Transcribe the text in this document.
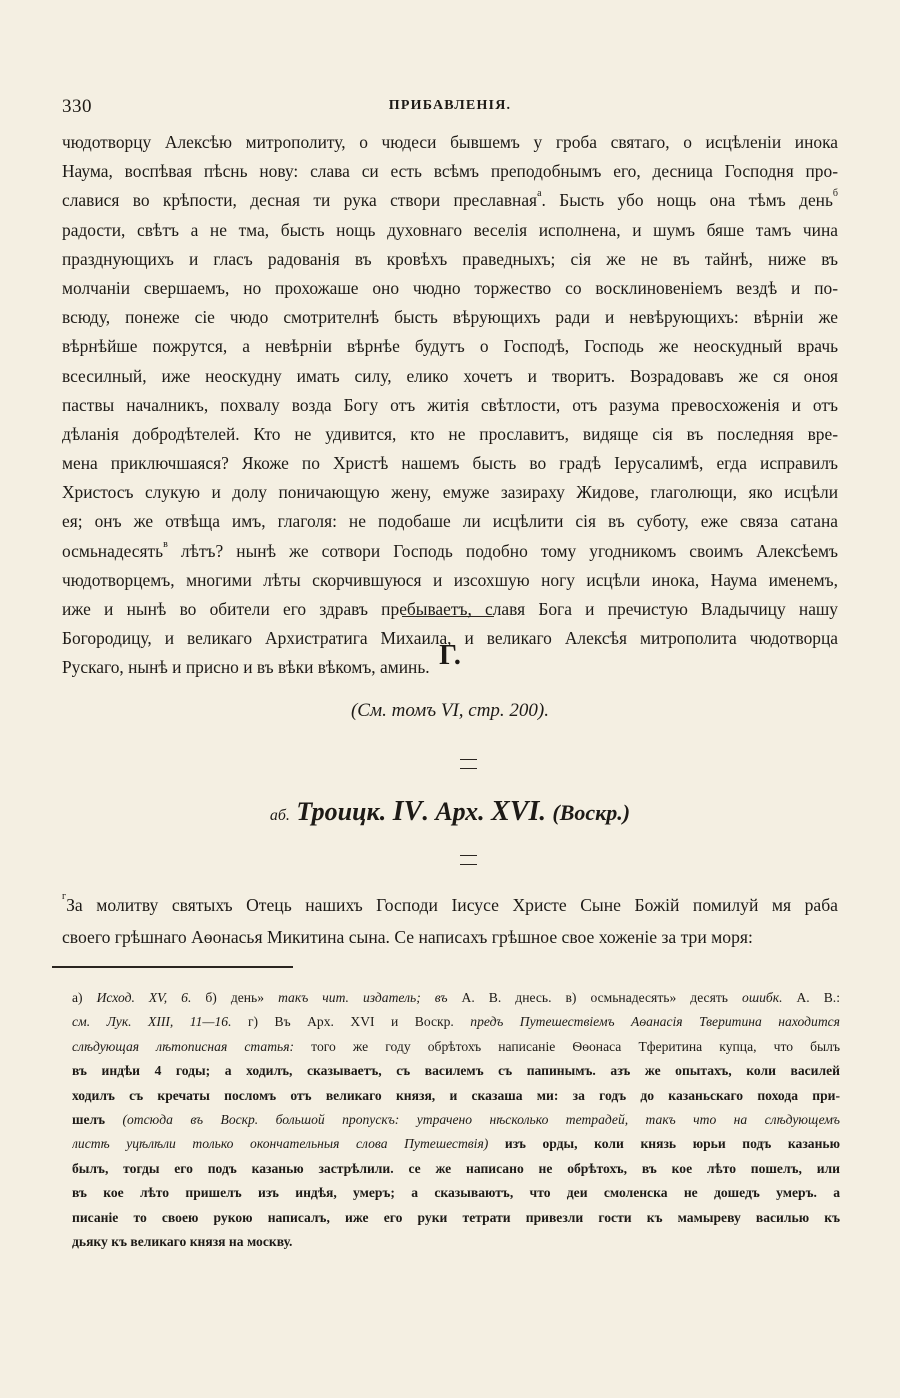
330	ПРИБАВЛЕНІЯ.
чюдотворцу Алексѣю митрополиту, о чюдеси бывшемъ у гроба святаго, о исцѣленіи инока
Наума, воспѣвая пѣснь нову: слава си есть всѣмъ преподобнымъ его, десница Господня про-
славися во крѣпости, десная ти рука створи преславная$^а$. Бысть убо нощь она тѣмъ день$^б$
радости, свѣтъ а не тма, бысть нощь духовнаго веселія исполнена, и шумъ бяше тамъ чина
празднующихъ и гласъ радованія въ кровѣхъ праведныхъ; сія же не въ тайнѣ, ниже въ
молчаніи свершаемъ, но прохожаше оно чюдно торжество со восклиновеніемъ вездѣ и по-
всюду, понеже сіе чюдо смотрителнѣ бысть вѣрующихъ ради и невѣрующихъ: вѣрніи же
вѣрнѣйше пожрутся, а невѣрніи вѣрнѣе будутъ о Господѣ, Господь же неоскудный врачь
всесилный, иже неоскудну имать силу, елико хочетъ и творитъ. Возрадовавъ же ся оноя
паствы началникъ, похвалу возда Богу отъ житія свѣтлости, отъ разума превосхоженія и отъ
дѣланія добродѣтелей. Кто не удивится, кто не прославитъ, видяще сія въ последняя вре-
мена приключшаяся? Якоже по Христѣ нашемъ бысть во градѣ Іерусалимѣ, егда исправилъ
Христосъ слукую и долу поничающую жену, емуже зазираху Жидове, глаголющи, яко исцѣли
ея; онъ же отвѣща имъ, глаголя: не подобаше ли исцѣлити сія въ суботу, еже связа сатана
осмьнадесять$^в$ лѣтъ? нынѣ же сотвори Господь подобно тому угодникомъ своимъ Алексѣемъ
чюдотворцемъ, многими лѣты скорчившуюся и изсохшую ногу исцѣли инока, Наума именемъ,
иже и нынѣ во обители его здравъ пребываетъ, славя Бога и пречистую Владычицу нашу
Богородицу, и великаго Архистратига Михаила, и великаго Алексѣя митрополита чюдотворца
Рускаго, нынѣ и присно и въ вѣки вѣкомъ, аминь. Г.
(См. томъ VI, стр. 200).
аб. Троицк. IV. Арх. XVI. (Воскр.)
$^г$За молитву святыхъ Отець нашихъ Господи Іисусе Христе Сыне Божій помилуй мя раба
своего грѣшнаго Аѳонасья Микитина сына. Се написахъ грѣшное свое хоженіе за три моря:
а) Исход. XV, 6. б) день» такъ чит. издатель; въ А. В. днесь. в) осмьнадесять» десять ошибк. А. В.:
см. Лук. XIII, 11—16. г) Въ Арх. XVI и Воскр. предъ Путешествіемъ Аѳанасія Тверитина находится
слѣдующая лѣтописная статья: того же году обрѣтохъ написаніе Ѳѳонаса Тферитина купца, что былъ
въ индѣи 4 годы; а ходилъ, сказываетъ, съ василемъ съ папинымъ. азъ же опытахъ, коли василей
ходилъ съ кречаты посломъ отъ великаго князя, и сказаша ми: за годъ до казаньскаго похода при-
шелъ (отсюда въ Воскр. большой пропускъ: утрачено нѣсколько тетрадей, такъ что на слѣдующемъ
листѣ уцѣлѣли только окончательныя слова Путешествія) изъ орды, коли князь юрьи подъ казанью
былъ, тогды его подъ казанью застрѣлили. се же написано не обрѣтохъ, въ кое лѣто пошелъ, или
въ кое лѣто пришелъ изъ индѣя, умеръ; а сказываютъ, что деи смоленска не дошедъ умеръ. а
писаніе то своею рукою написалъ, иже его руки тетрати привезли гости къ мамыреву василью къ
дьяку къ великаго князя на москву.
